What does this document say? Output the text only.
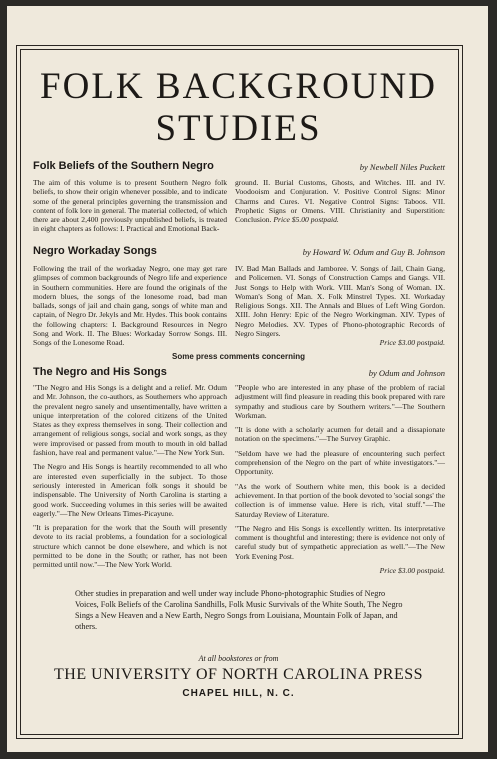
FOLK BACKGROUND
STUDIES
Folk Beliefs of the Southern Negro	by Newbell Niles Puckett
The aim of this volume is to present Southern Negro folk beliefs, to show their origin whenever possible, and to indicate some of the general principles governing the transmission and content of folk lore in general. The material collected, of which there are about 2,400 previously unpublished beliefs, is treated in eight chapters as follows: I. Practical and Emotional Back-
ground. II. Burial Customs, Ghosts, and Witches. III. and IV. Voodooism and Conjuration. V. Positive Control Signs: Minor Charms and Cures. VI. Negative Control Signs: Taboos. VII. Prophetic Signs or Omens. VIII. Christianity and Superstition: Conclusion. Price $5.00 postpaid.
Negro Workaday Songs	by Howard W. Odum and Guy B. Johnson
Following the trail of the workaday Negro, one may get rare glimpses of common backgrounds of Negro life and experience in Southern communities. Here are found the originals of the modern blues, the songs of the lonesome road, bad man ballads, songs of jail and chain gang, songs of white man and captain, of Negro Dr. Jekyls and Mr. Hydes. This book contains the following chapters: I. Background Resources in Negro Song and Work. II. The Blues: Workaday Sorrow Songs. III. Songs of the Lonesome Road.
IV. Bad Man Ballads and Jamboree. V. Songs of Jail, Chain Gang, and Policemen. VI. Songs of Construction Camps and Gangs. VII. Just Songs to Help with Work. VIII. Man's Song of Woman. IX. Woman's Song of Man. X. Folk Minstrel Types. XI. Workaday Religious Songs. XII. The Annals and Blues of Left Wing Gordon. XIII. John Henry: Epic of the Negro Workingman. XIV. Types of Negro Melodies. XV. Types of Phono-photographic Records of Negro Singers.
Price $3.00 postpaid.
Some press comments concerning
The Negro and His Songs	by Odum and Johnson

"The Negro and His Songs is a delight and a relief. Mr. Odum and Mr. Johnson, the co-authors, as Southerners who approach the prevalent negro sanely and unsentimentally, have written a unique interpretation of the colored citizens of the United States as they express themselves in song. Their collection and arrangement of religious songs, social and work songs, as they were improvised or passed from mouth to mouth in old ballad fashion, have real and permanent value."—The New York Sun.

The Negro and His Songs is heartily recommended to all who are interested even superficially in the subject. To those seriously interested in American folk songs it should be indispensable. The University of North Carolina is starting a good work. Succeeding volumes in this series will be awaited eagerly."—The New Orleans Times-Picayune.

"It is preparation for the work that the South will presently devote to its racial problems, a foundation for a sociological structure which cannot be done elsewhere, and which is not permitted to be done in the South; or rather, has not been permitted until now."—The New York World.

"People who are interested in any phase of the problem of racial adjustment will find pleasure in reading this book prepared with rare sympathy and studious care by Southern writers."—The Southern Workman.

"It is done with a scholarly acumen for detail and a dissapionate notation on the specimens."—The Survey Graphic.

"Seldom have we had the pleasure of encountering such perfect comprehension of the Negro on the part of white investigators."—Opportunity.

"As the work of Southern white men, this book is a decided achievement. In that portion of the book devoted to 'social songs' the collection is of immense value. Here is rich, vital stuff."—The Saturday Review of Literature.

"The Negro and His Songs is excellently written. Its interpretative comment is thoughtful and interesting; there is evidence not only of careful study but of sympathetic appreciation as well."—The New York Evening Post.

Price $3.00 postpaid.
Other studies in preparation and well under way include Phono-photographic Studies of Negro Voices, Folk Beliefs of the Carolina Sandhills, Folk Music Survivals of the White South, The Negro Sings a New Heaven and a New Earth, Negro Songs from Louisiana, Mountain Folk of Japan, and others.
At all bookstores or from
THE UNIVERSITY OF NORTH CAROLINA PRESS
CHAPEL HILL, N. C.
